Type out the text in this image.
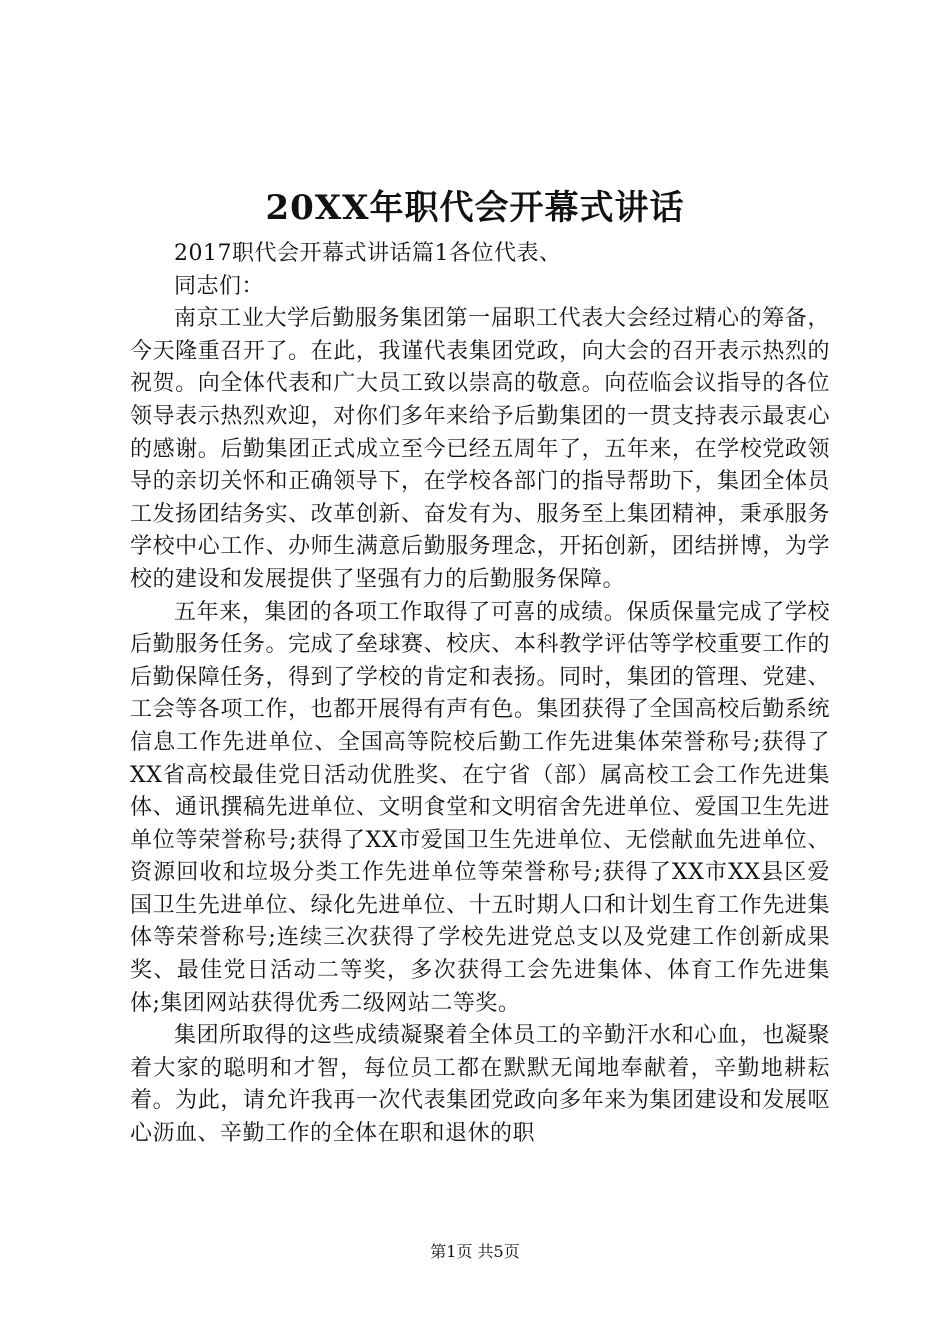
20XX年职代会开幕式讲话

2017职代会开幕式讲话篇1各位代表、

同志们：

南京工业大学后勤服务集团第一届职工代表大会经过精心的筹备，今天隆重召开了。在此，我谨代表集团党政，向大会的召开表示热烈的祝贺。向全体代表和广大员工致以崇高的敬意。向莅临会议指导的各位领导表示热烈欢迎，对你们多年来给予后勤集团的一贯支持表示最衷心的感谢。后勤集团正式成立至今已经五周年了，五年来，在学校党政领导的亲切关怀和正确领导下，在学校各部门的指导帮助下，集团全体员工发扬团结务实、改革创新、奋发有为、服务至上集团精神，秉承服务学校中心工作、办师生满意后勤服务理念，开拓创新，团结拼博，为学校的建设和发展提供了坚强有力的后勤服务保障。

五年来，集团的各项工作取得了可喜的成绩。保质保量完成了学校后勤服务任务。完成了垒球赛、校庆、本科教学评估等学校重要工作的后勤保障任务，得到了学校的肯定和表扬。同时，集团的管理、党建、工会等各项工作，也都开展得有声有色。集团获得了全国高校后勤系统信息工作先进单位、全国高等院校后勤工作先进集体荣誉称号;获得了XX省高校最佳党日活动优胜奖、在宁省（部）属高校工会工作先进集体、通讯撰稿先进单位、文明食堂和文明宿舍先进单位、爱国卫生先进单位等荣誉称号;获得了XX市爱国卫生先进单位、无偿献血先进单位、资源回收和垃圾分类工作先进单位等荣誉称号;获得了XX市XX县区爱国卫生先进单位、绿化先进单位、十五时期人口和计划生育工作先进集体等荣誉称号;连续三次获得了学校先进党总支以及党建工作创新成果奖、最佳党日活动二等奖，多次获得工会先进集体、体育工作先进集体;集团网站获得优秀二级网站二等奖。

集团所取得的这些成绩凝聚着全体员工的辛勤汗水和心血，也凝聚着大家的聪明和才智，每位员工都在默默无闻地奉献着，辛勤地耕耘着。为此，请允许我再一次代表集团党政向多年来为集团建设和发展呕心沥血、辛勤工作的全体在职和退休的职

第1页 共5页
